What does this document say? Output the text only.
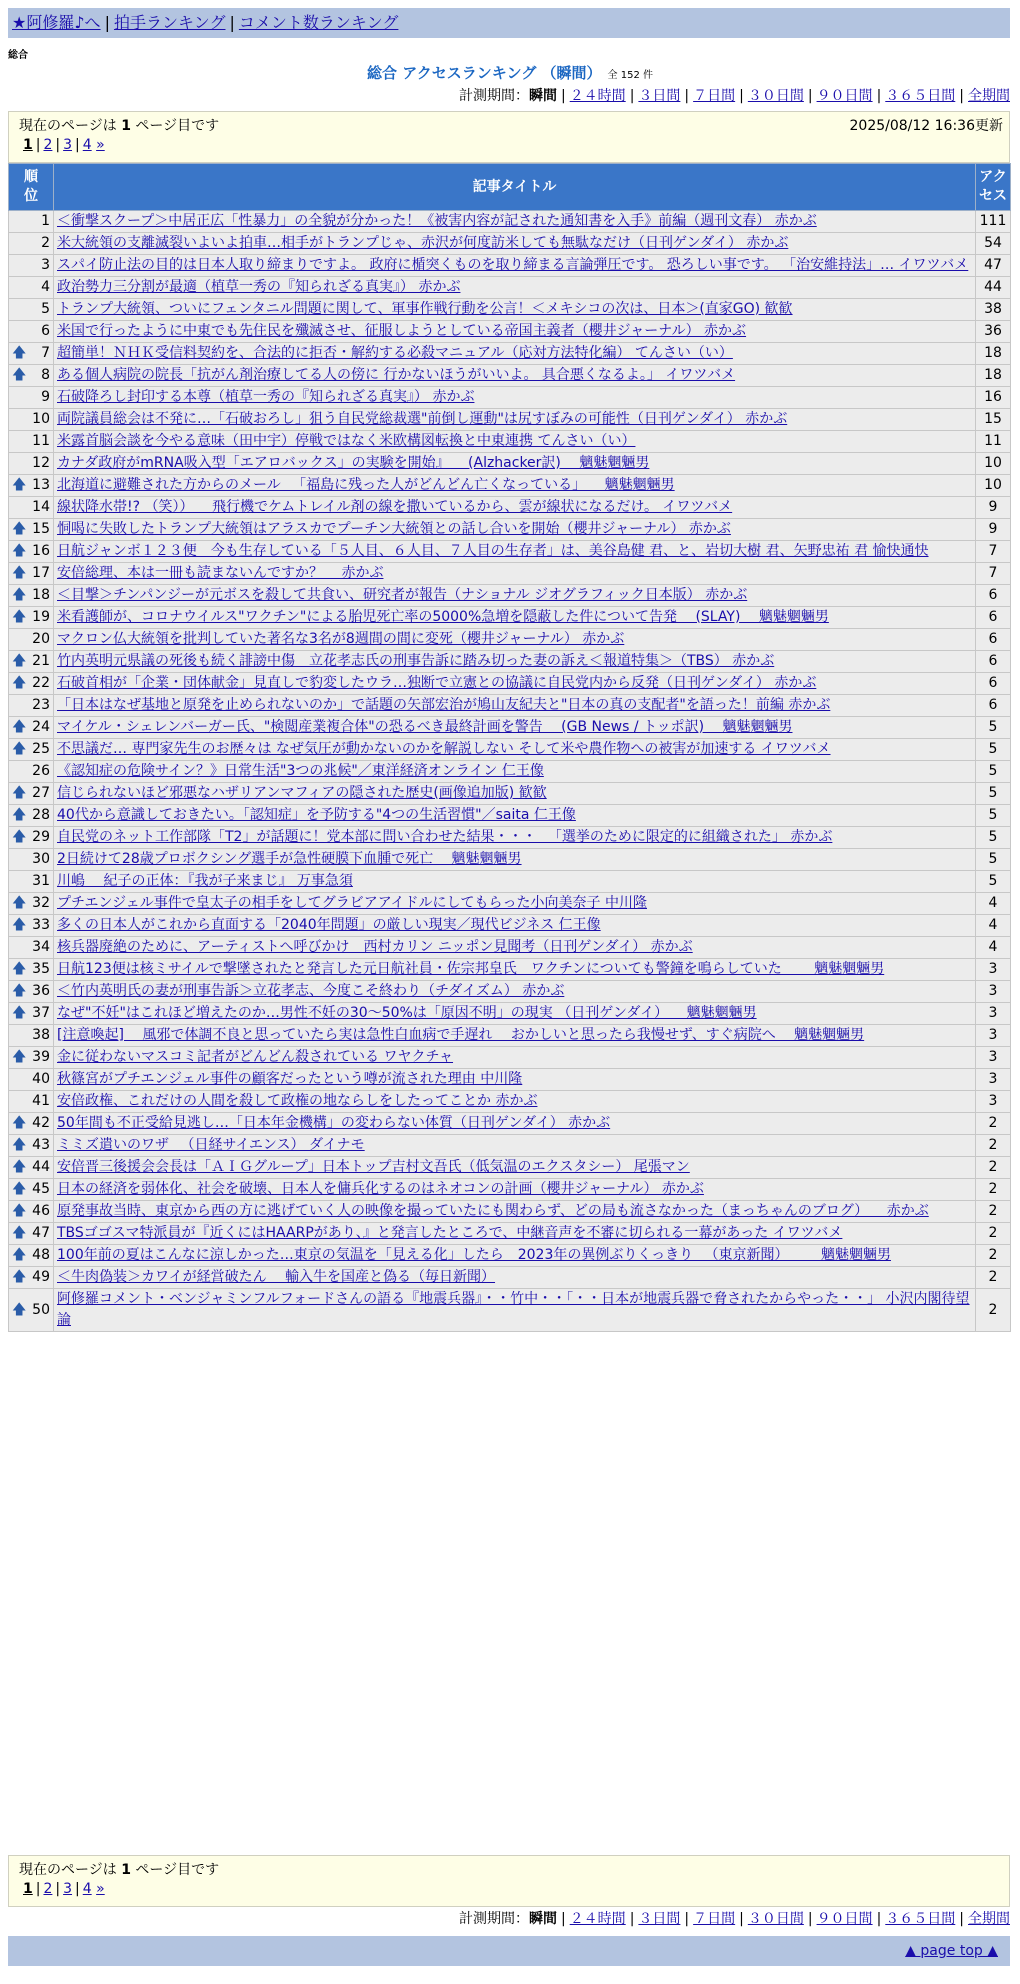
★阿修羅♪へ | 拍手ランキング | コメント数ランキング
総合
総合 アクセスランキング （瞬間） 全 152 件
計測期間：瞬間 | ２４時間 | ３日間 | ７日間 | ３０日間 | ９０日間 | ３６５日間 | 全期間
現在のページは 1 ページ目です	2025/08/12 16:36更新
1 | 2 | 3 | 4 »
順位	記事タイトル	アクセス
1	＜衝撃スクープ＞中居正広「性暴力」の全貌が分かった！《被害内容が記された通知書を入手》前編（週刊文春） 赤かぶ	111
2	米大統領の支離滅裂いよいよ拍車…相手がトランプじゃ、赤沢が何度訪米しても無駄なだけ（日刊ゲンダイ） 赤かぶ	54
3	スパイ防止法の目的は日本人取り締まりですよ。 政府に楯突くものを取り締まる言論弾圧です。 恐ろしい事です。 「治安維持法」… イワツバメ	47
4	政治勢力三分割が最適（植草一秀の『知られざる真実』） 赤かぶ	44
5	トランプ大統領、ついにフェンタニル問題に関して、軍事作戦行動を公言！＜メキシコの次は、日本＞(直家GO) 歓歓	38
6	米国で行ったように中東でも先住民を殲滅させ、征服しようとしている帝国主義者（櫻井ジャーナル） 赤かぶ	36

🡅 7	超簡単！ＮＨＫ受信料契約を、合法的に拒否・解約する必殺マニュアル（応対方法特化編） てんさい（い）	18

🡅 8	ある個人病院の院長「抗がん剤治療してる人の傍に 行かないほうがいいよ。 具合悪くなるよ。」 イワツバメ	18
9	石破降ろし封印する本尊（植草一秀の『知られざる真実』） 赤かぶ	16
10	両院議員総会は不発に…「石破おろし」狙う自民党総裁選"前倒し運動"は尻すぼみの可能性（日刊ゲンダイ） 赤かぶ	15
11	米露首脳会談を今やる意味（田中宇）停戦ではなく米欧構図転換と中東連携 てんさい（い）	11
12	カナダ政府がmRNA吸入型「エアロバックス」の実験を開始』 　(Alzhacker訳) 　魑魅魍魎男	10

🡅 13	北海道に避難された方からのメール 　「福島に残った人がどんどん亡くなっている」 　魑魅魍魎男	10
14	線状降水帯!? （笑）） 　飛行機でケムトレイル剤の線を撒いているから、雲が線状になるだけ。 イワツバメ	9

🡅 15	恫喝に失敗したトランプ大統領はアラスカでプーチン大統領との話し合いを開始（櫻井ジャーナル） 赤かぶ	9

🡅 16	日航ジャンボ１２３便　今も生存している「５人目、６人目、７人目の生存者」は、美谷島健 君、と、岩切大樹 君、矢野忠祐 君 愉快通快	7

🡅 17	安倍総理、本は一冊も読まないんですか？　 赤かぶ	7

🡅 18	＜目撃＞チンパンジーが元ボスを殺して共食い、研究者が報告（ナショナル ジオグラフィック日本版） 赤かぶ	6

🡅 19	米看護師が、コロナウイルス"ワクチン"による胎児死亡率の5000%急増を隠蔽した件について告発 　(SLAY) 　魑魅魍魎男	6
20	マクロン仏大統領を批判していた著名な3名が8週間の間に変死（櫻井ジャーナル） 赤かぶ	6

🡅 21	竹内英明元県議の死後も続く誹謗中傷　立花孝志氏の刑事告訴に踏み切った妻の訴え＜報道特集＞（TBS） 赤かぶ	6

🡅 22	石破首相が「企業・団体献金」見直しで豹変したウラ…独断で立憲との協議に自民党内から反発（日刊ゲンダイ） 赤かぶ	6
23	「日本はなぜ基地と原発を止められないのか」で話題の矢部宏治が鳩山友紀夫と"日本の真の支配者"を語った！前編 赤かぶ	6

🡅 24	マイケル・シェレンバーガー氏、"検閲産業複合体"の恐るべき最終計画を警告 　(GB News / トッポ訳) 　魑魅魍魎男	5

🡅 25	不思議だ… 専門家先生のお歴々は なぜ気圧が動かないのかを解説しない そして米や農作物への被害が加速する イワツバメ	5
26	《認知症の危険サイン？》日常生活"3つの兆候"／東洋経済オンライン 仁王像	5

🡅 27	信じられないほど邪悪なハザリアンマフィアの隠された歴史(画像追加版) 歓歓	5

🡅 28	40代から意識しておきたい。「認知症」を予防する"4つの生活習慣"／saita 仁王像	5

🡅 29	自民党のネット工作部隊「T2」が話題に！党本部に問い合わせた結果・・・ 　「選挙のために限定的に組織された」 赤かぶ	5
30	2日続けて28歳プロボクシング選手が急性硬膜下血腫で死亡 　魑魅魍魎男	5
31	川嶋 　紀子の正体：『我が子来まじ』 万事急須	5

🡅 32	プチエンジェル事件で皇太子の相手をしてグラビアアイドルにしてもらった小向美奈子 中川隆	4

🡅 33	多くの日本人がこれから直面する「2040年問題」の厳しい現実／現代ビジネス 仁王像	4
34	核兵器廃絶のために、アーティストへ呼びかけ　西村カリン ニッポン見聞考（日刊ゲンダイ） 赤かぶ	4

🡅 35	日航123便は核ミサイルで撃墜されたと発言した元日航社員・佐宗邦皇氏　ワクチンについても警鐘を鳴らしていた 　　魑魅魍魎男	3

🡅 36	＜竹内英明氏の妻が刑事告訴＞立花孝志、今度こそ終わり（チダイズム） 赤かぶ	3

🡅 37	なぜ"不妊"はこれほど増えたのか…男性不妊の30～50%は「原因不明」の現実 （日刊ゲンダイ） 　魑魅魍魎男	3
38	[注意喚起] 　風邪で体調不良と思っていたら実は急性白血病で手遅れ 　おかしいと思ったら我慢せず、すぐ病院へ 　魑魅魍魎男	3

🡅 39	金に従わないマスコミ記者がどんどん殺されている ワヤクチャ	3
40	秋篠宮がプチエンジェル事件の顧客だったという噂が流された理由 中川隆	3
41	安倍政権、これだけの人間を殺して政権の地ならしをしたってことか 赤かぶ	3

🡅 42	50年間も不正受給見逃し…「日本年金機構」の変わらない体質（日刊ゲンダイ） 赤かぶ	2

🡅 43	ミミズ遣いのワザ 　（日経サイエンス） ダイナモ	2

🡅 44	安倍晋三後援会会長は「ＡＩＧグループ」日本トップ吉村文吾氏（低気温のエクスタシー） 尾張マン	2

🡅 45	日本の経済を弱体化、社会を破壊、日本人を傭兵化するのはネオコンの計画（櫻井ジャーナル） 赤かぶ	2

🡅 46	原発事故当時、東京から西の方に逃げていく人の映像を撮っていたにも関わらず、どの局も流さなかった（まっちゃんのブログ） 　赤かぶ	2

🡅 47	TBSゴゴスマ特派員が『近くにはHAARPがあり、』と発言したところで、中継音声を不審に切られる一幕があった イワツバメ	2

🡅 48	100年前の夏はこんなに涼しかった…東京の気温を「見える化」したら　2023年の異例ぶりくっきり 　（東京新聞） 　　魑魅魍魎男	2

🡅 49	＜牛肉偽装＞カワイが経営破たん 　輸入牛を国産と偽る（毎日新聞）	2

🡅 50	阿修羅コメント・ベンジャミンフルフォードさんの語る『地震兵器』・・竹中・・「・・日本が地震兵器で脅されたからやった・・」 小沢内閣待望論	2
現在のページは 1 ページ目です
1 | 2 | 3 | 4 »
計測期間：瞬間 | ２４時間 | ３日間 | ７日間 | ３０日間 | ９０日間 | ３６５日間 | 全期間
▲ page top ▲
